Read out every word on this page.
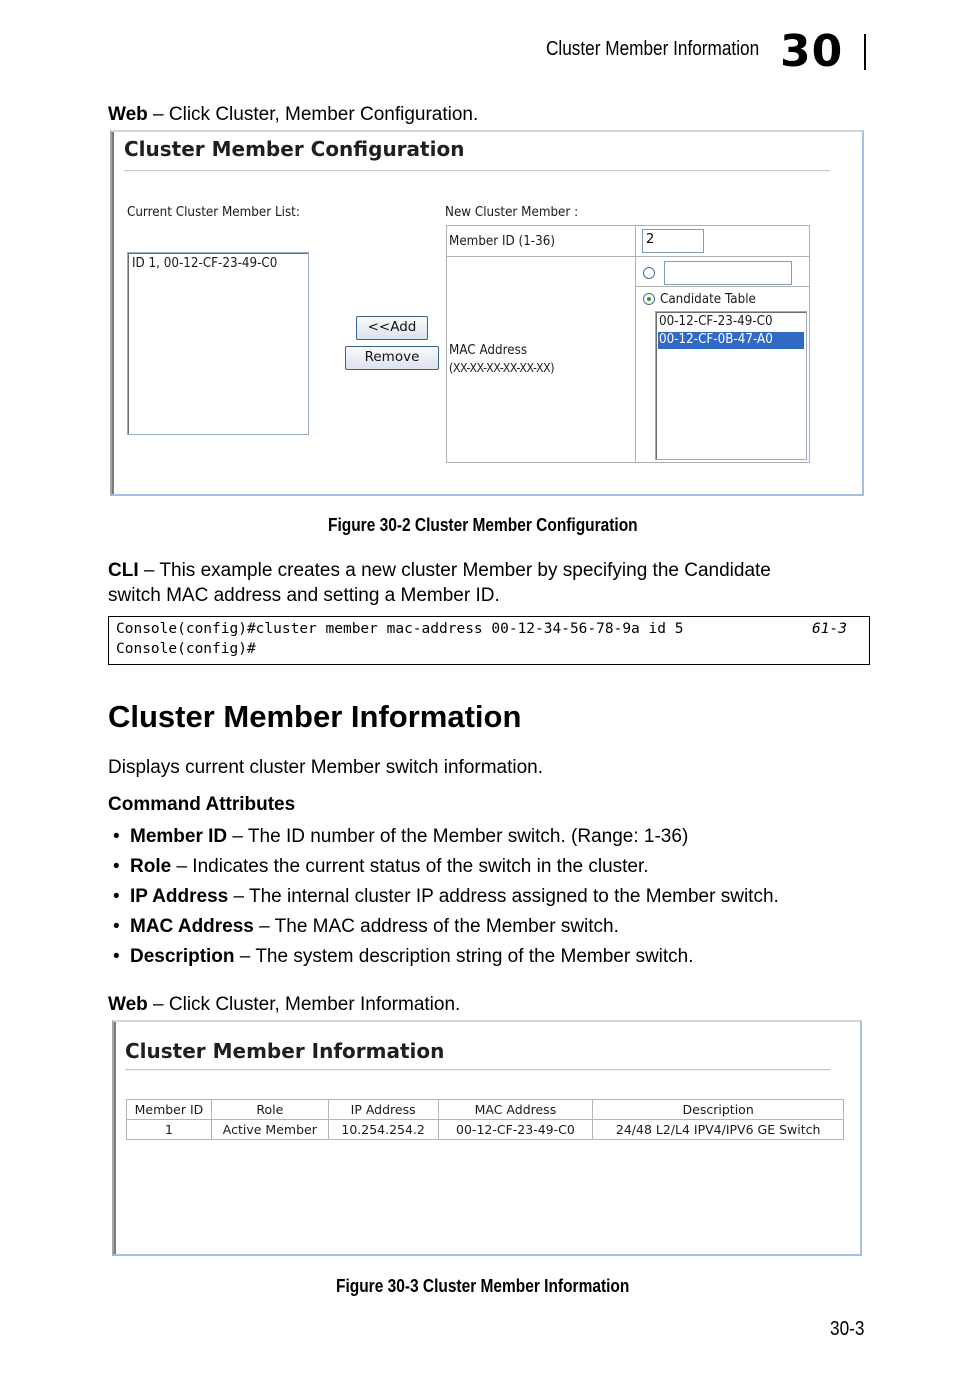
Cluster Member Information 30
Web – Click Cluster, Member Configuration.
Cluster Member Configuration
Current Cluster Member List:
ID 1, 00-12-CF-23-49-C0
<<Add
Remove
New Cluster Member :
Member ID (1-36)	2
MAC Address
(XX-XX-XX-XX-XX-XX)
Candidate Table
00-12-CF-23-49-C0
00-12-CF-0B-47-A0
Figure 30-2 Cluster Member Configuration
CLI – This example creates a new cluster Member by specifying the Candidate
switch MAC address and setting a Member ID.
Console(config)#cluster member mac-address 00-12-34-56-78-9a id 5	61-3
Console(config)#
Cluster Member Information
Displays current cluster Member switch information.
Command Attributes
• Member ID – The ID number of the Member switch. (Range: 1-36)
• Role – Indicates the current status of the switch in the cluster.
• IP Address – The internal cluster IP address assigned to the Member switch.
• MAC Address – The MAC address of the Member switch.
• Description – The system description string of the Member switch.
Web – Click Cluster, Member Information.
Cluster Member Information
Member ID	Role	IP Address	MAC Address	Description
1	Active Member	10.254.254.2	00-12-CF-23-49-C0	24/48 L2/L4 IPV4/IPV6 GE Switch
Figure 30-3 Cluster Member Information
30-3
